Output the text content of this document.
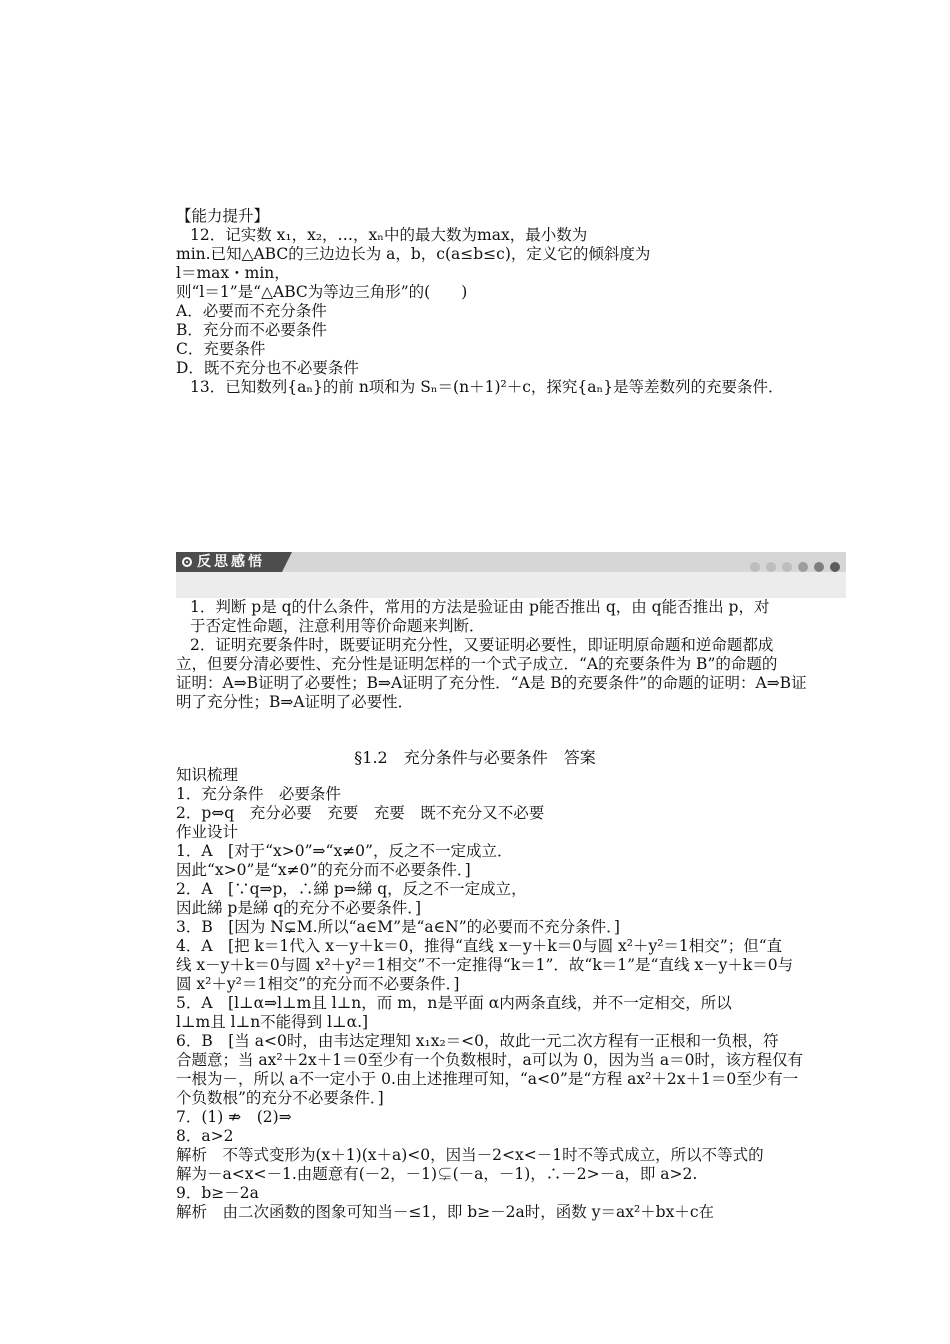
【能力提升】
12．记实数 x₁，x₂，…，xₙ中的最大数为max，最小数为
min.已知△ABC的三边边长为 a，b，c(a≤b≤c)，定义它的倾斜度为
l＝max・min，
则“l＝1”是“△ABC为等边三角形”的(　　)
A．必要而不充分条件
B．充分而不必要条件
C．充要条件
D．既不充分也不必要条件
13．已知数列{aₙ}的前 n项和为 Sₙ＝(n＋1)²＋c，探究{aₙ}是等差数列的充要条件．
反思感悟
1．判断 p是 q的什么条件，常用的方法是验证由 p能否推出 q，由 q能否推出 p，对
于否定性命题，注意利用等价命题来判断．
2．证明充要条件时，既要证明充分性，又要证明必要性，即证明原命题和逆命题都成
立，但要分清必要性、充分性是证明怎样的一个式子成立．“A的充要条件为 B”的命题的
证明：A⇒B证明了必要性；B⇒A证明了充分性．“A是 B的充要条件”的命题的证明：A⇒B证
明了充分性；B⇒A证明了必要性．
§1.2　充分条件与必要条件　答案
知识梳理
1．充分条件　必要条件
2．p⇔q　充分必要　充要　充要　既不充分又不必要
作业设计
1．A　[对于“x>0”⇒“x≠0”，反之不一定成立．
因此“x>0”是“x≠0”的充分而不必要条件．]
2．A　[∵q⇒p，∴綈 p⇒綈 q，反之不一定成立，
因此綈 p是綈 q的充分不必要条件．]
3．B　[因为 N⊊M.所以“a∈M”是“a∈N”的必要而不充分条件．]
4．A　[把 k＝1代入 x－y＋k＝0，推得“直线 x－y＋k＝0与圆 x²＋y²＝1相交”；但“直
线 x－y＋k＝0与圆 x²＋y²＝1相交”不一定推得“k＝1”．故“k＝1”是“直线 x－y＋k＝0与
圆 x²＋y²＝1相交”的充分而不必要条件．]
5．A　[l⊥α⇒l⊥m且 l⊥n，而 m，n是平面 α内两条直线，并不一定相交，所以
l⊥m且 l⊥n不能得到 l⊥α.]
6．B　[当 a<0时，由韦达定理知 x₁x₂＝<0，故此一元二次方程有一正根和一负根，符
合题意；当 ax²＋2x＋1＝0至少有一个负数根时，a可以为 0，因为当 a＝0时，该方程仅有
一根为－，所以 a不一定小于 0.由上述推理可知，“a<0”是“方程 ax²＋2x＋1＝0至少有一
个负数根”的充分不必要条件．]
7．(1) ⇏　(2)⇒
8．a>2
解析　不等式变形为(x＋1)(x＋a)<0，因当－2<x<－1时不等式成立，所以不等式的
解为－a<x<－1.由题意有(－2，－1)⊊(－a，－1)，∴－2>－a，即 a>2.
9．b≥－2a
解析　由二次函数的图象可知当－≤1，即 b≥－2a时，函数 y＝ax²＋bx＋c在
